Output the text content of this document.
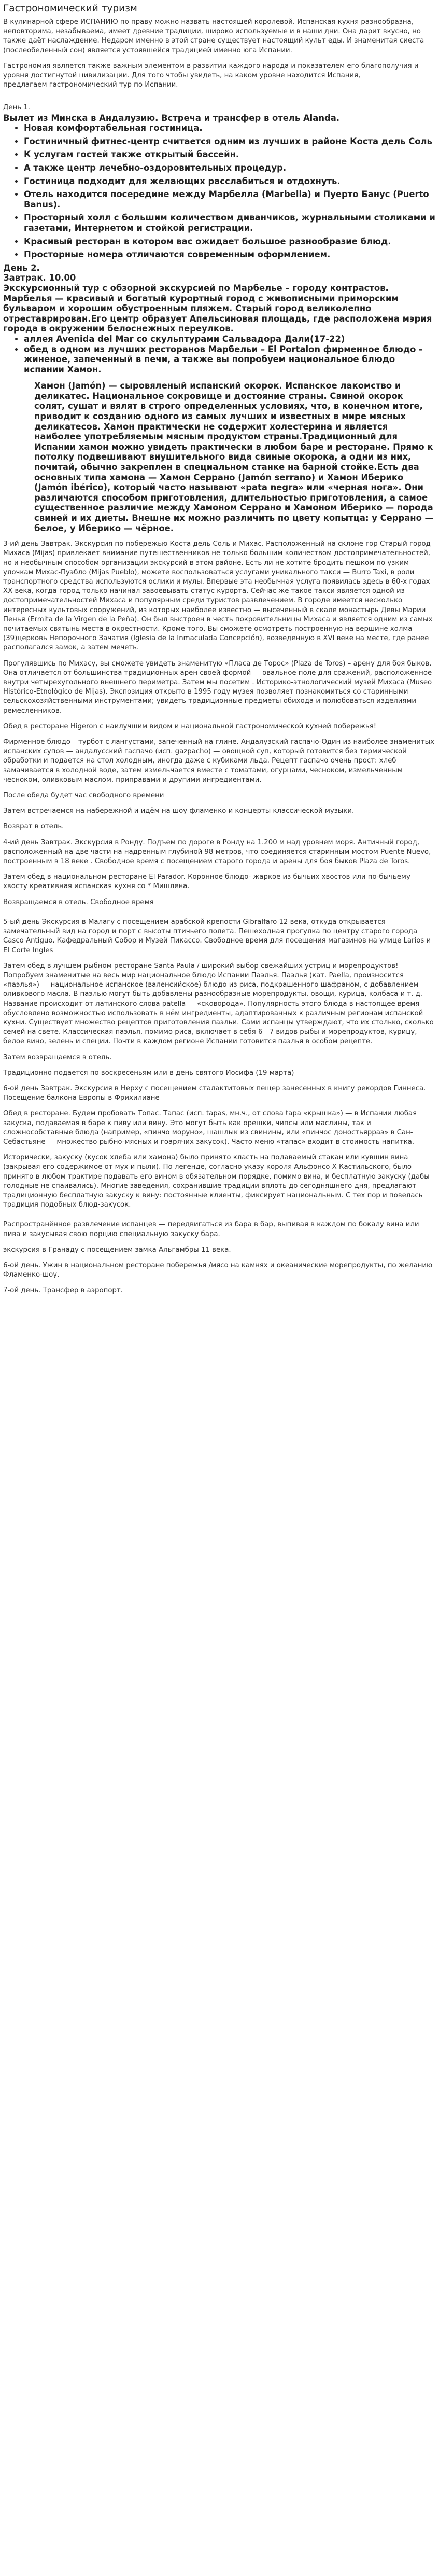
Гастрономический туризм

В кулинарной сфере ИСПАНИЮ по праву можно назвать настоящей королевой. Испанская кухня разнообразна, неповторима, незабываема, имеет древние традиции, широко используемые и в наши дни. Она дарит вкусно, но также даёт наслаждение. Недаром именно в этой стране существует настоящий культ еды. И знаменитая сиеста (послеобеденный сон) является устоявшейся традицией именно юга Испании.

Гастрономия является также важным элементом в развитии каждого народа и показателем его благополучия и уровня достигнутой цивилизации. Для того чтобы увидеть, на каком уровне находится Испания,

предлагаем гастрономический тур по Испании.

День 1.
Вылет из Минска в Андалузию. Встреча и трансфер в отель Alanda.
• Новая комфортабельная гостиница.
• Гостиничный фитнес-центр считается одним из лучших в районе Коста дель Соль
• К услугам гостей также открытый бассейн.
• А также центр лечебно-оздоровительных процедур.
• Гостиница подходит для желающих расслабиться и отдохнуть.
• Отель находится посередине между Марбелла (Marbella) и Пуерто Банус (Puerto Banus).
• Просторный холл с большим количеством диванчиков, журнальными столиками и газетами, Интернетом и стойкой регистрации.
• Красивый ресторан в котором вас ожидает большое разнообразие блюд.
• Просторные номера отличаются современным оформлением.
День 2.
Завтрак. 10.00
Экскурсионный тур с обзорной экскурсией по Марбелье – городу контрастов.
Марбелья — красивый и богатый курортный город с живописными приморским бульваром и хорошим обустроенным пляжем. Старый город великолепно отреставрирован.Его центр образует Апельсиновая площадь, где расположена мэрия города в окружении белоснежных переулков.
• аллея Avenida del Mar со скульптурами Сальвадора Дали(17-22)
• обед в одном из лучших ресторанов Марбельи – El Portalon фирменное блюдо - жиненое, запеченный в печи, а также вы попробуем национальное блюдо испании Хамон.
Хамон (Jamón) — сыровяленый испанский окорок. Испанское лакомство и деликатес. Национальное сокровище и достояние страны. Свиной окорок солят, сушат и вялят в строго определенных условиях, что, в конечном итоге, приводит к созданию одного из самых лучших и известных в мире мясных деликатесов. Хамон практически не содержит холестерина и является наиболее употребляемым мясным продуктом страны.Традиционный для Испании хамон можно увидеть практически в любом баре и ресторане. Прямо к потолку подвешивают внушительного вида свиные окорока, а одни из них, почитай, обычно закреплен в специальном станке на барной стойке.Есть два основных типа хамона — Хамон Серрано (Jamón serrano) и Хамон Иберико (Jamón ibérico), который часто называют «pata negra» или «черная нога». Они различаются способом приготовления, длительностью приготовления, а самое существенное различие между Хамоном Серрано и Хамоном Иберико — порода свиней и их диеты. Внешне их можно различить по цвету копытца: у Серрано — белое, у Иберико — чёрное.

3-ий день Завтрак. Экскурсия по побережью Коста дель Соль и Михас. Расположенный на склоне гор Старый город Михаса (Mijas) привлекает внимание путешественников не только большим количеством достопримечательностей, но и необычным способом организации экскурсий в этом районе. Есть ли не хотите бродить пешком по узким улочкам Михас-Пуэбло (Mijas Pueblo), можете воспользоваться услугами уникального такси — Burro Taxi, в роли транспортного средства используются ослики и мулы. Впервые эта необычная услуга появилась здесь в 60-х годах XX века, когда город только начинал завоевывать статус курорта. Сейчас же такое такси является одной из достопримечательностей Михаса и популярным среди туристов развлечением. В городе имеется несколько интересных культовых сооружений, из которых наиболее известно — высеченный в скале монастырь Девы Марии Пенья (Ermita de la Virgen de la Peña). Он был выстроен в честь покровительницы Михаса и является одним из самых почитаемых святынь места в окрестности. Кроме того, Вы сможете осмотреть построенную на вершине холма (39)церковь Непорочного Зачатия (Iglesia de la Inmaculada Concepción), возведенную в XVI веке на месте, где ранее располагался замок, а затем мечеть.

Прогулявшись по Михасу, вы сможете увидеть знаменитую «Пласа де Торос» (Plaza de Toros) – арену для боя быков. Она отличается от большинства традиционных арен своей формой — овальное поле для сражений, расположенное внутри четырехугольного внешнего периметра. Затем мы посетим . Историко-этнологический музей Михаса (Museo Histórico-Etnológico de Mijas). Экспозиция открыто в 1995 году музея позволяет познакомиться со старинными сельскохозяйственными инструментами; увидеть традиционные предметы обихода и полюбоваться изделиями ремесленников.

Обед в ресторане Higeron с наилучшим видом и национальной гастрономической кухней побережья!

Фирменное блюдо – турбот с лангустами, запеченный на глине. Андалузский гаспачо-Один из наиболее знаменитых испанских супов — андалусский гаспачо (исп. gazpacho) — овощной суп, который готовится без термической обработки и подается на стол холодным, иногда даже с кубиками льда. Рецепт гаспачо очень прост: хлеб замачивается в холодной воде, затем измельчается вместе с томатами, огурцами, чесноком, измельченным чесноком, оливковым маслом, приправами и другими ингредиентами.

После обеда будет час свободного времени

Затем встречаемся на набережной и идём на шоу фламенко и концерты классической музыки.

Возврат в отель.

4-ий день Завтрак. Экскурсия в Ронду. Подъем по дороге в Ронду на 1.200 м над уровнем моря. Античный город, расположенный на две части на надренным глубиной 98 метров, что соединяется старинным мостом Puente Nuevo, построенным в 18 веке . Свободное время с посещением старого города и арены для боя быков Plaza de Toros.

Затем обед в национальном ресторане El Parador. Коронное блюдо- жаркое из бычьих хвостов или по-бычьему хвосту креативная испанская кухня со * Мишлена.

Возвращаемся в отель. Свободное время

5-ый день Экскурсия в Малагу с посещением арабской крепости Gibralfaro 12 века, откуда открывается замечательный вид на город и порт с высоты птичьего полета. Пешеходная прогулка по центру старого города Casco Antiguo. Кафедральный Собор и Музей Пикассо. Свободное время для посещения магазинов на улице Larios и El Corte Ingles

Затем обед в лучшем рыбном ресторане Santa Paula / широкий выбор свежайших устриц и морепродуктов! Попробуем знаменитые на весь мир национальное блюдо Испании Паэлья. Паэлья (кат. Paella, произносится «паэлья») — национальное испанское (валенсийское) блюдо из риса, подкрашенного шафраном, с добавлением оливкового масла. В паэлью могут быть добавлены разнообразные морепродукты, овощи, курица, колбаса и т. д. Название происходит от латинского слова patella — «сковорода». Популярность этого блюда в настоящее время обусловлено возможностью использовать в нём ингредиенты, адаптированных к различным регионам испанской кухни. Существует множество рецептов приготовления паэльи. Сами испанцы утверждают, что их столько, сколько семей на свете. Классическая паэлья, помимо риса, включает в себя 6—7 видов рыбы и морепродуктов, курицу, белое вино, зелень и специи. Почти в каждом регионе Испании готовится паэлья в особом рецепте.

Затем возвращаемся в отель.

Традиционно подается по воскресеньям или в день святого Иосифа (19 марта)

6-ой день Завтрак. Экскурсия в Нерху с посещением сталактитовых пещер занесенных в книгу рекордов Гиннеса. Посещение балкона Европы в Фрихилиане

Обед в ресторане. Будем пробовать Топас. Тапас (исп. tapas, мн.ч., от слова tapa «крышка») — в Испании любая закуска, подаваемая в баре к пиву или вину. Это могут быть как орешки, чипсы или маслины, так и сложнособставные блюда (например, «пинчо моруно», шашлык из свинины, или «пинчос доностьярраэ» в Сан-Себастьяне — множество рыбно-мясных и гоарячих закусок). Часто меню «тапас» входит в стоимость напитка.

Исторически, закуску (кусок хлеба или хамона) было принято класть на подаваемый стакан или кувшин вина (закрывая его содержимое от мух и пыли). По легенде, согласно указу короля Альфонсо Х Кастильского, было принято в любом трактире подавать его вином в обязательном порядке, помимо вина, и бесплатную закуску (дабы голодные не спаивались). Многие заведения, сохранившие традиции вплоть до сегодняшнего дня, предлагают традиционную бесплатную закуску к вину: постоянные клиенты, фиксирует национальным. С тех пор и повелась традиция подобных блюд-закусок.

Распространённое развлечение испанцев — передвигаться из бара в бар, выпивая в каждом по бокалу вина или пива и закусывая свою порцию специальную закуску бара.

экскурсия в Гранаду с посещением замка Альгамбры 11 века.

6-ой день. Ужин в национальном ресторане побережья /мясо на камнях и океанические морепродукты, по желанию Фламенко-шоу.

7-ой день. Трансфер в аэропорт.
